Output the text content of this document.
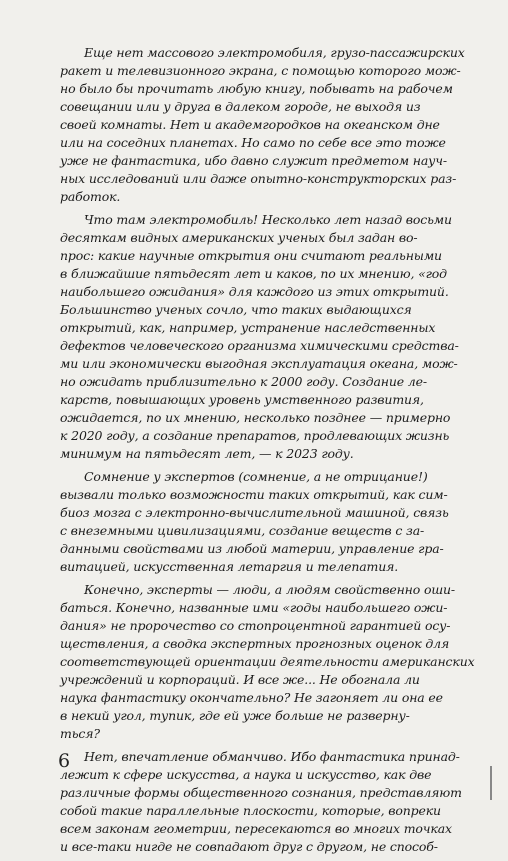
Еще нет массового электромобиля, грузо-пассажирских
ракет и телевизионного экрана, с помощью которого мож-
но было бы прочитать любую книгу, побывать на рабочем
совещании или у друга в далеком городе, не выходя из
своей комнаты. Нет и академгородков на океанском дне
или на соседних планетах. Но само по себе все это тоже
уже не фантастика, ибо давно служит предметом науч-
ных исследований или даже опытно-конструкторских раз-
работок.
Что там электромобиль! Несколько лет назад восьми
десяткам видных американских ученых был задан во-
прос: какие научные открытия они считают реальными
в ближайшие пятьдесят лет и каков, по их мнению, «год
наибольшего ожидания» для каждого из этих открытий.
Большинство ученых сочло, что таких выдающихся
открытий, как, например, устранение наследственных
дефектов человеческого организма химическими средства-
ми или экономически выгодная эксплуатация океана, мож-
но ожидать приблизительно к 2000 году. Создание ле-
карств, повышающих уровень умственного развития,
ожидается, по их мнению, несколько позднее — примерно
к 2020 году, а создание препаратов, продлевающих жизнь
минимум на пятьдесят лет, — к 2023 году.
Сомнение у экспертов (сомнение, а не отрицание!)
вызвали только возможности таких открытий, как сим-
биоз мозга с электронно-вычислительной машиной, связь
с внеземными цивилизациями, создание веществ с за-
данными свойствами из любой материи, управление гра-
витацией, искусственная летаргия и телепатия.
Конечно, эксперты — люди, а людям свойственно оши-
баться. Конечно, названные ими «годы наибольшего ожи-
дания» не пророчество со стопроцентной гарантией осу-
ществления, а сводка экспертных прогнозных оценок для
соответствующей ориентации деятельности американских
учреждений и корпораций. И все же... Не обогнала ли
наука фантастику окончательно? Не загоняет ли она ее
в некий угол, тупик, где ей уже больше не разверну-
ться?
Нет, впечатление обманчиво. Ибо фантастика принад-
лежит к сфере искусства, а наука и искусство, как две
различные формы общественного сознания, представляют
собой такие параллельные плоскости, которые, вопреки
всем законам геометрии, пересекаются во многих точках
и все-таки нигде не совпадают друг с другом, не способ-
6
